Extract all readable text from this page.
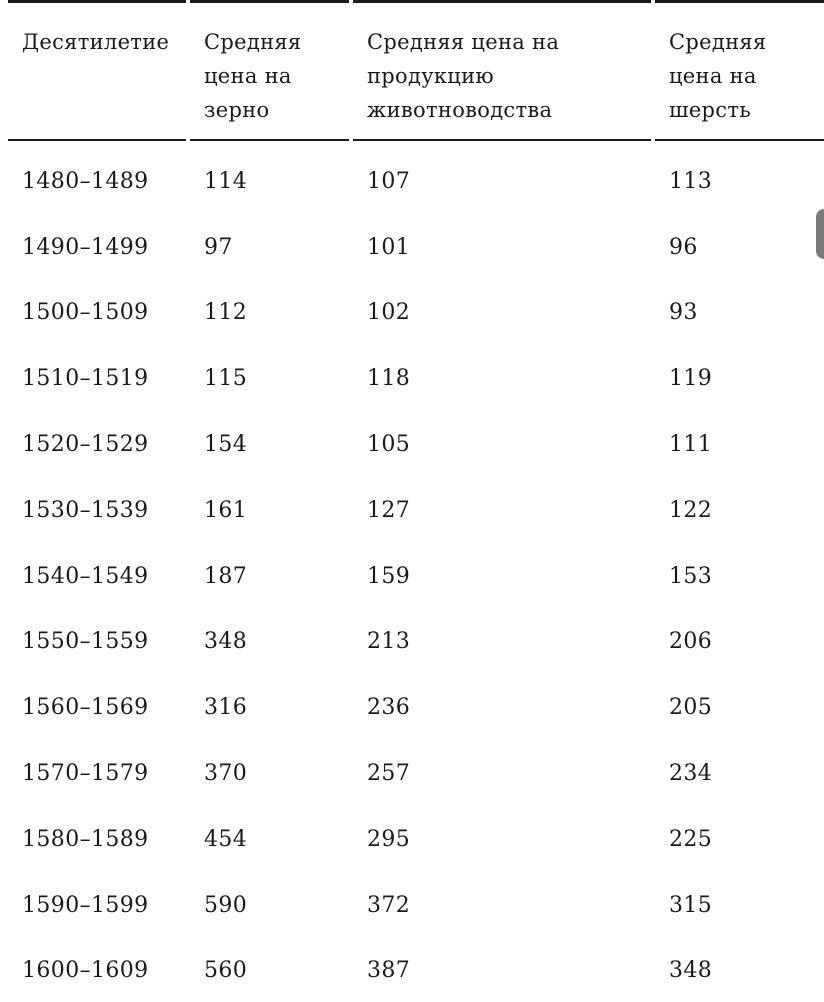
Десятилетие	Средняя цена на зерно	Средняя цена на продукцию животноводства	Средняя цена на шерсть
1480–1489	114	107	113
1490–1499	97	101	96
1500–1509	112	102	93
1510–1519	115	118	119
1520–1529	154	105	111
1530–1539	161	127	122
1540–1549	187	159	153
1550–1559	348	213	206
1560–1569	316	236	205
1570–1579	370	257	234
1580–1589	454	295	225
1590–1599	590	372	315
1600–1609	560	387	348
